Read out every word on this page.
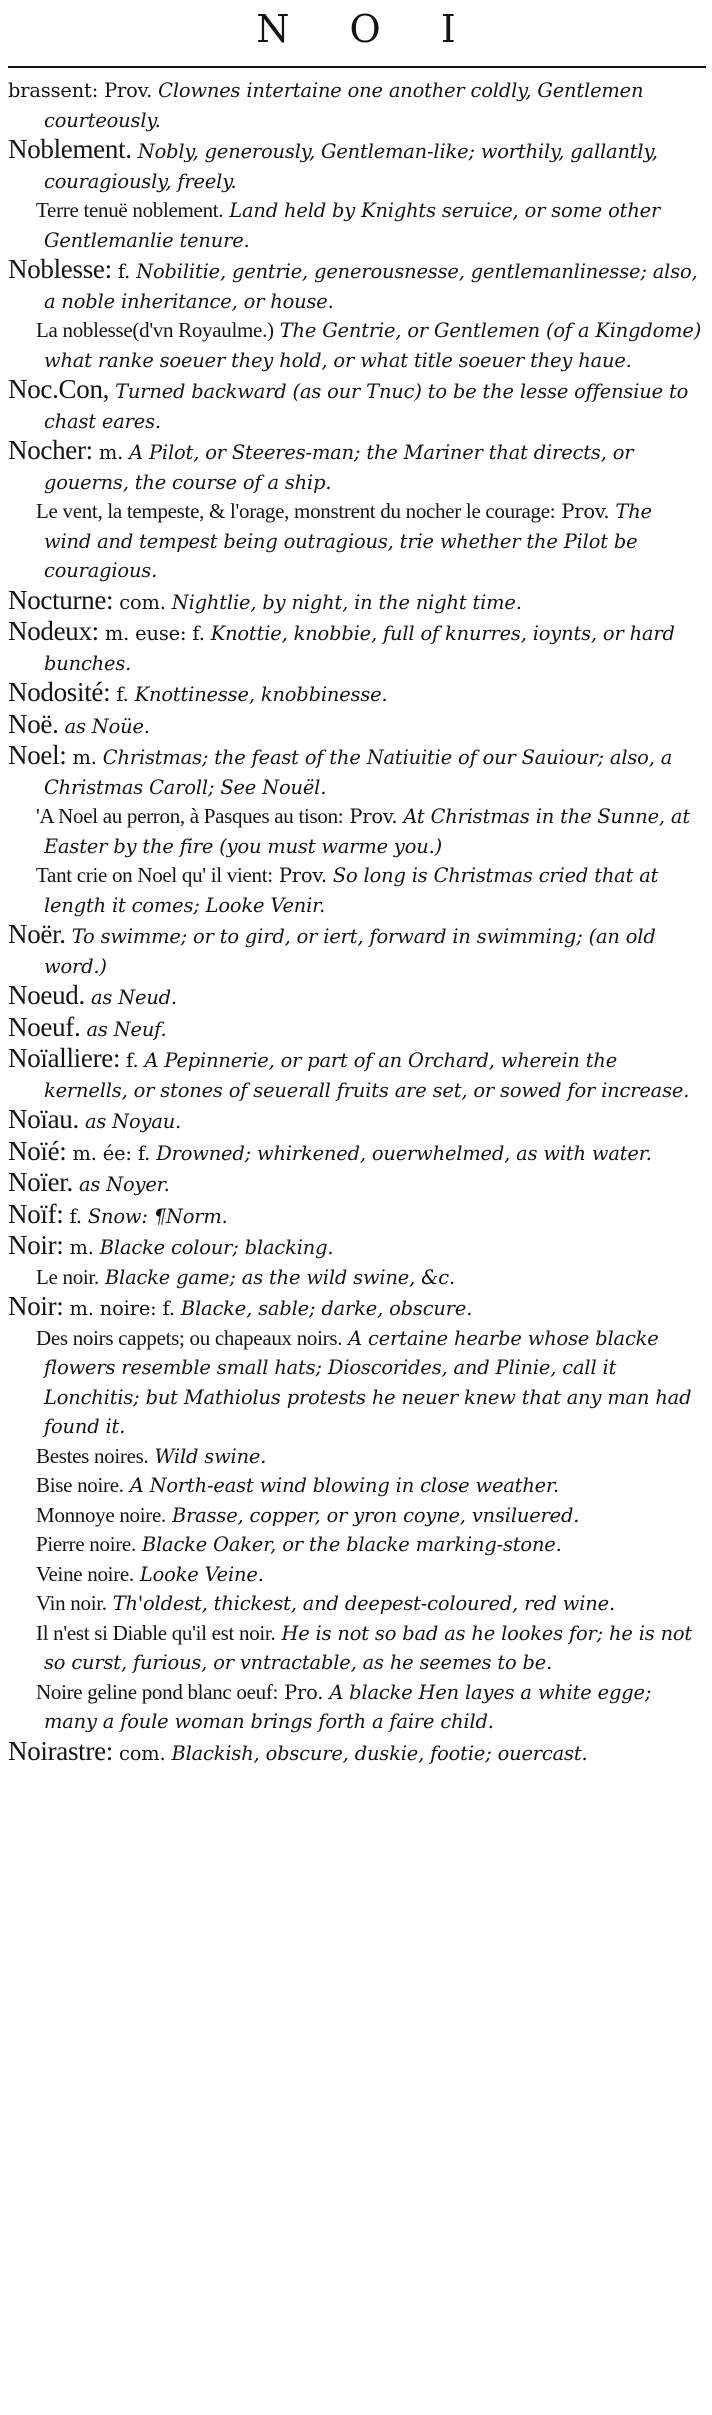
N O I

brassent: Prov. Clownes intertaine one another coldly, Gentlemen courteously.

Noblement. Nobly, generously, Gentleman-like; worthily, gallantly, couragiously, freely.

Terre tenuë noblement. Land held by Knights seruice, or some other Gentlemanlie tenure.

Noblesse: f. Nobilitie, gentrie, generousnesse, gentlemanlinesse; also, a noble inheritance, or house.

La noblesse(d'vn Royaulme.) The Gentrie, or Gentlemen (of a Kingdome) what ranke soeuer they hold, or what title soeuer they haue.

Noc.Con, Turned backward (as our Tnuc) to be the lesse offensiue to chast eares.

Nocher: m. A Pilot, or Steeres-man; the Mariner that directs, or gouerns, the course of a ship.

Le vent, la tempeste, & l'orage, monstrent du nocher le courage: Prov. The wind and tempest being outragious, trie whether the Pilot be couragious.

Nocturne: com. Nightlie, by night, in the night time.

Nodeux: m. euse: f. Knottie, knobbie, full of knurres, ioynts, or hard bunches.

Nodosité: f. Knottinesse, knobbinesse.

Noë. as Noüe.

Noel: m. Christmas; the feast of the Natiuitie of our Sauiour; also, a Christmas Caroll; See Nouël.

'A Noel au perron, à Pasques au tison: Prov. At Christmas in the Sunne, at Easter by the fire (you must warme you.)

Tant crie on Noel qu' il vient: Prov. So long is Christmas cried that at length it comes; Looke Venir.

Noër. To swimme; or to gird, or iert, forward in swimming; (an old word.)

Noeud. as Neud.

Noeuf. as Neuf.

Noïalliere: f. A Pepinnerie, or part of an Orchard, wherein the kernells, or stones of seuerall fruits are set, or sowed for increase.

Noïau. as Noyau.

Noïé: m. ée: f. Drowned; whirkened, ouerwhelmed, as with water.

Noïer. as Noyer.

Noïf: f. Snow: ¶Norm.

Noir: m. Blacke colour; blacking.

Le noir. Blacke game; as the wild swine, &c.

Noir: m. noire: f. Blacke, sable; darke, obscure.

Des noirs cappets; ou chapeaux noirs. A certaine hearbe whose blacke flowers resemble small hats; Dioscorides, and Plinie, call it Lonchitis; but Mathiolus protests he neuer knew that any man had found it.

Bestes noires. Wild swine.

Bise noire. A North-east wind blowing in close weather.

Monnoye noire. Brasse, copper, or yron coyne, vnsiluered.

Pierre noire. Blacke Oaker, or the blacke marking-stone.

Veine noire. Looke Veine.

Vin noir. Th'oldest, thickest, and deepest-coloured, red wine.

Il n'est si Diable qu'il est noir. He is not so bad as he lookes for; he is not so curst, furious, or vntractable, as he seemes to be.

Noire geline pond blanc oeuf: Pro. A blacke Hen layes a white egge; many a foule woman brings forth a faire child.

Noirastre: com. Blackish, obscure, duskie, footie; ouercast.
